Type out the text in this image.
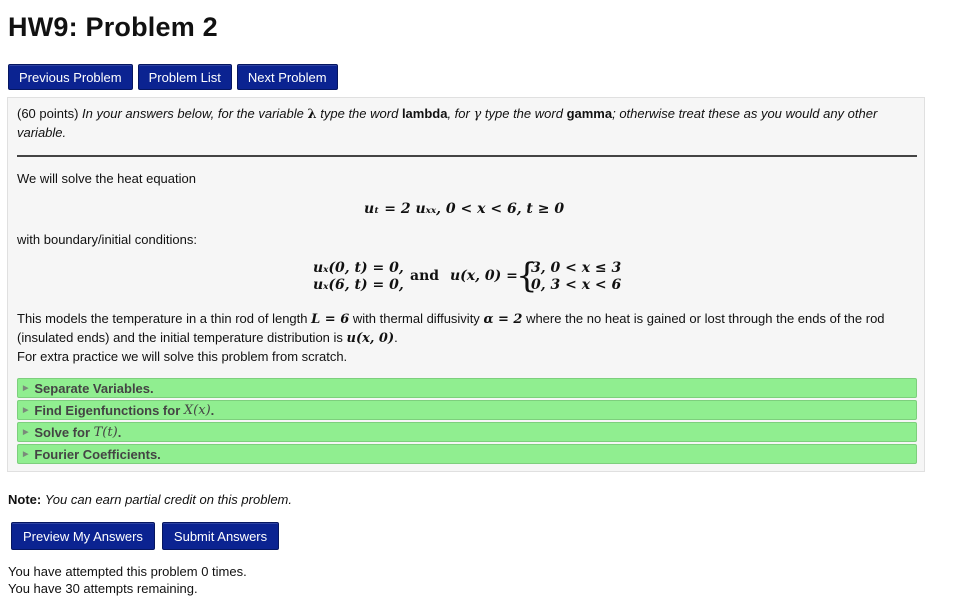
HW9: Problem 2
Previous Problem	Problem List	Next Problem

(60 points) In your answers below, for the variable λ type the word lambda, for γ type the word gamma; otherwise treat these as you would any other variable.

We will solve the heat equation

uₜ = 2 uₓₓ, 0 < x < 6, t ≥ 0

with boundary/initial conditions:

uₓ(0, t) = 0,
uₓ(6, t) = 0,
and u(x, 0) =
{
3, 0 < x ≤ 3
0, 3 < x < 6

This models the temperature in a thin rod of length L = 6 with thermal diffusivity α = 2 where the no heat is gained or lost through the ends of the rod (insulated ends) and the initial temperature distribution is u(x, 0).
For extra practice we will solve this problem from scratch.

▶ Separate Variables.
▶ Find Eigenfunctions for
X(x) .
▶ Solve for
T(t) .
▶ Fourier Coefficients.

Note: You can earn partial credit on this problem.

Preview My Answers	Submit Answers

You have attempted this problem 0 times.
You have 30 attempts remaining.
